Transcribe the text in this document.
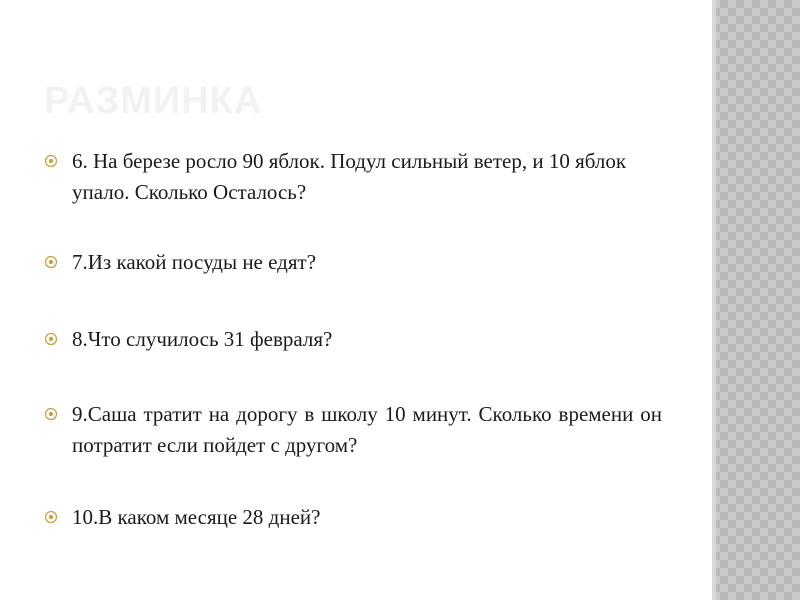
РАЗМИНКА
6. На березе росло 90 яблок. Подул сильный ветер, и 10 яблок упало. Сколько Осталось?
7.Из какой посуды не едят?
8.Что случилось 31 февраля?
9.Саша тратит на дорогу в школу 10 минут. Сколько времени он потратит если пойдет с другом?
10.В каком месяце 28 дней?
